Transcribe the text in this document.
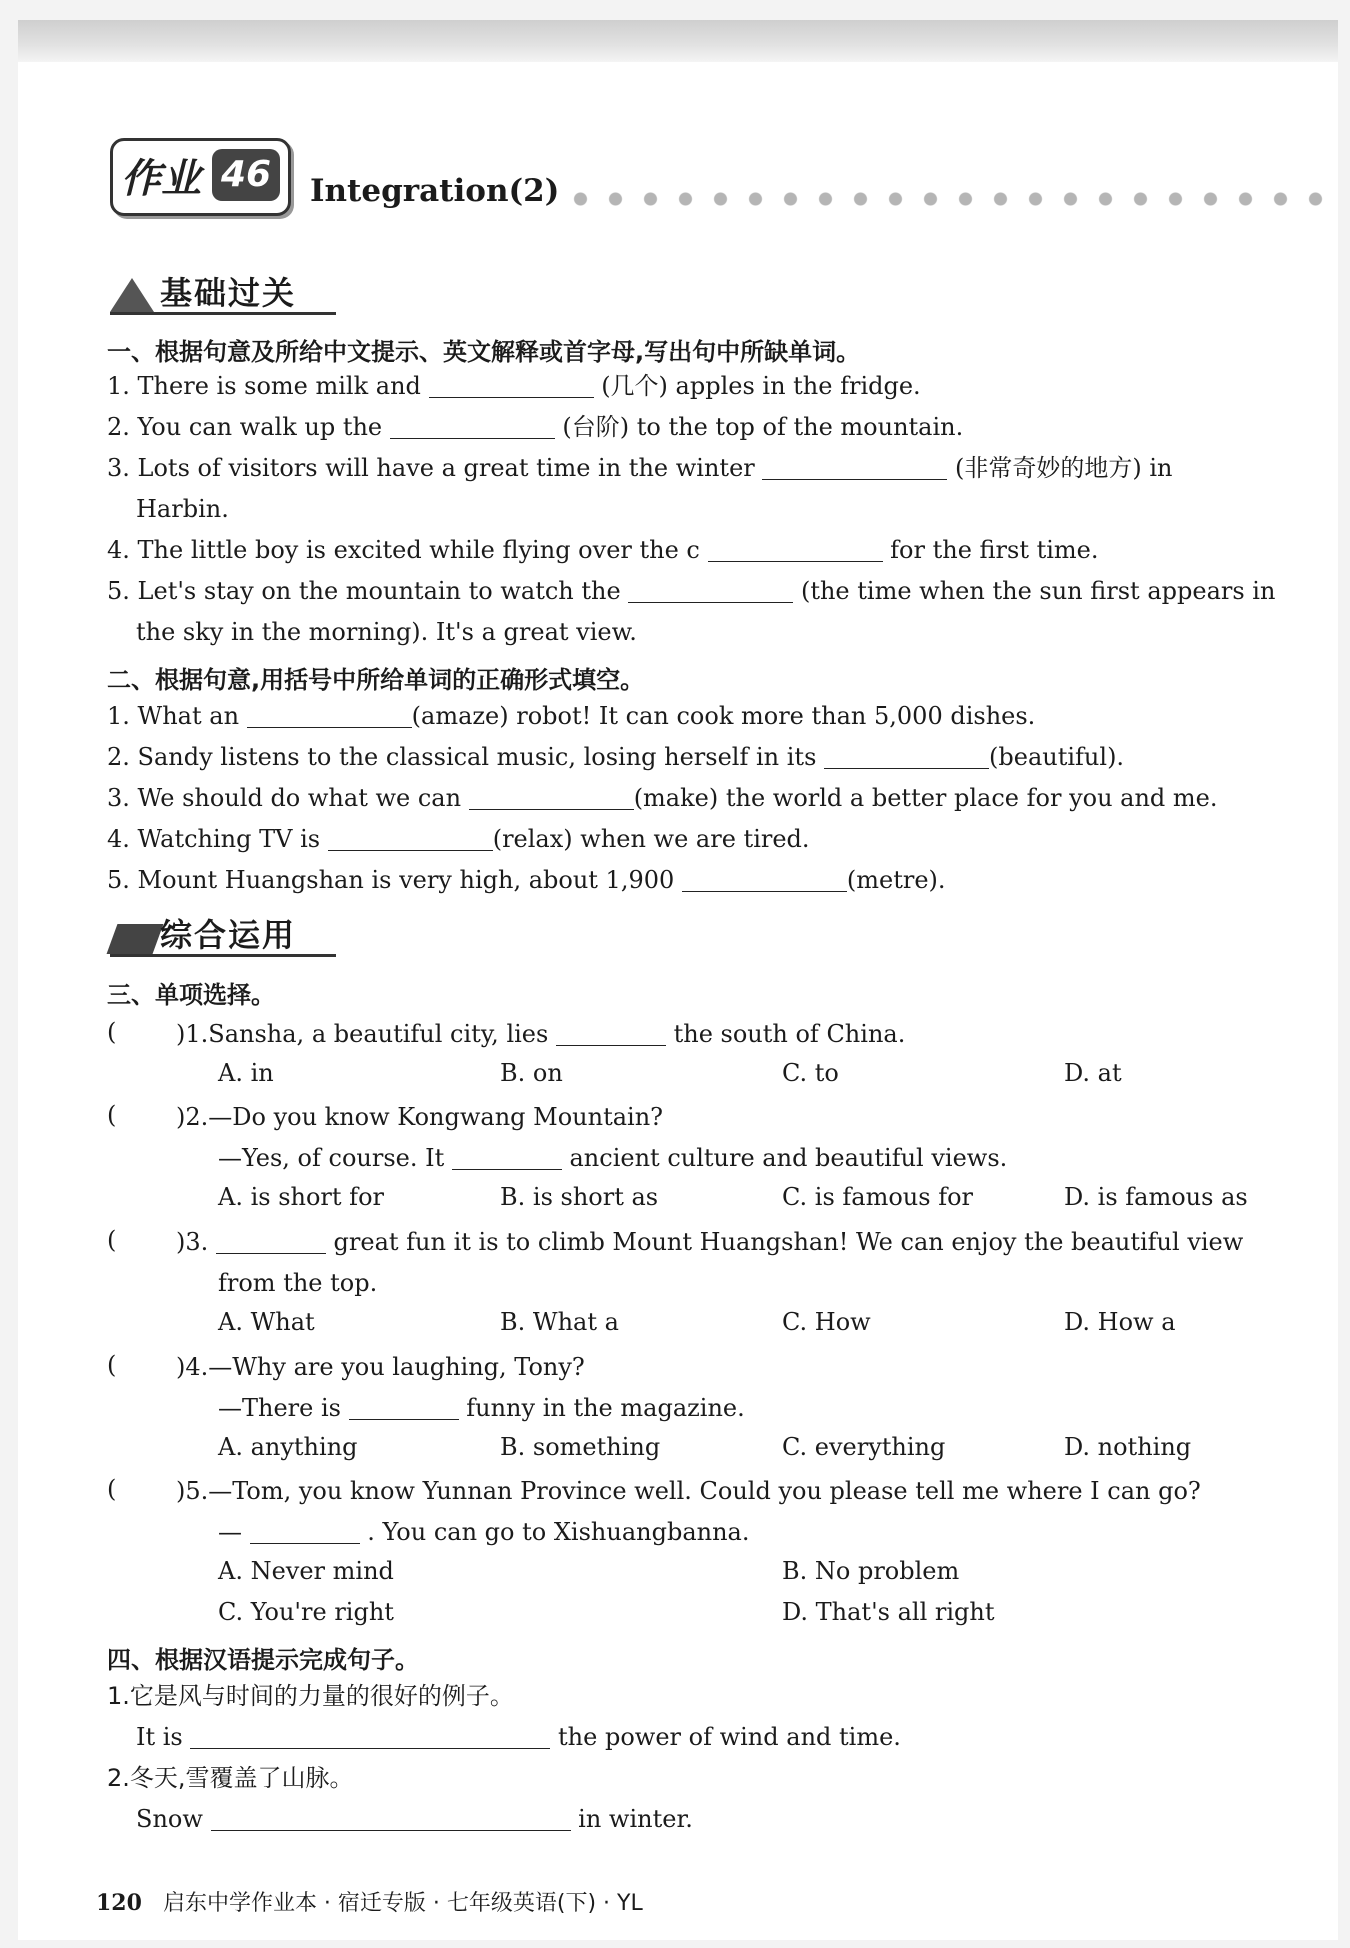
作业 46 Integration(2)
基础过关
一、根据句意及所给中文提示、英文解释或首字母,写出句中所缺单词。
1. There is some milk and	(几个) apples in the fridge.
2. You can walk up the	(台阶) to the top of the mountain.
3. Lots of visitors will have a great time in the winter	(非常奇妙的地方) in
Harbin.
4. The little boy is excited while flying over the c	for the first time.
5. Let's stay on the mountain to watch the	(the time when the sun first appears in
the sky in the morning). It's a great view.
二、根据句意,用括号中所给单词的正确形式填空。
1. What an	(amaze) robot! It can cook more than 5,000 dishes.
2. Sandy listens to the classical music, losing herself in its	(beautiful).
3. We should do what we can	(make) the world a better place for you and me.
4. Watching TV is	(relax) when we are tired.
5. Mount Huangshan is very high, about 1,900	(metre).
综合运用
三、单项选择。
( )1.Sansha, a beautiful city, lies	the south of China.
A. in	B. on	C. to	D. at
( )2.—Do you know Kongwang Mountain?
—Yes, of course. It	ancient culture and beautiful views.
A. is short for	B. is short as	C. is famous for	D. is famous as
( )3.	great fun it is to climb Mount Huangshan! We can enjoy the beautiful view
from the top.
A. What	B. What a	C. How	D. How a
( )4.—Why are you laughing, Tony?
—There is	funny in the magazine.
A. anything	B. something	C. everything	D. nothing
( )5.—Tom, you know Yunnan Province well. Could you please tell me where I can go?
—	. You can go to Xishuangbanna.
A. Never mind	B. No problem
C. You're right	D. That's all right
四、根据汉语提示完成句子。
1.它是风与时间的力量的很好的例子。
It is	the power of wind and time.
2.冬天,雪覆盖了山脉。
Snow	in winter.
120 启东中学作业本 · 宿迁专版 · 七年级英语(下) · YL
